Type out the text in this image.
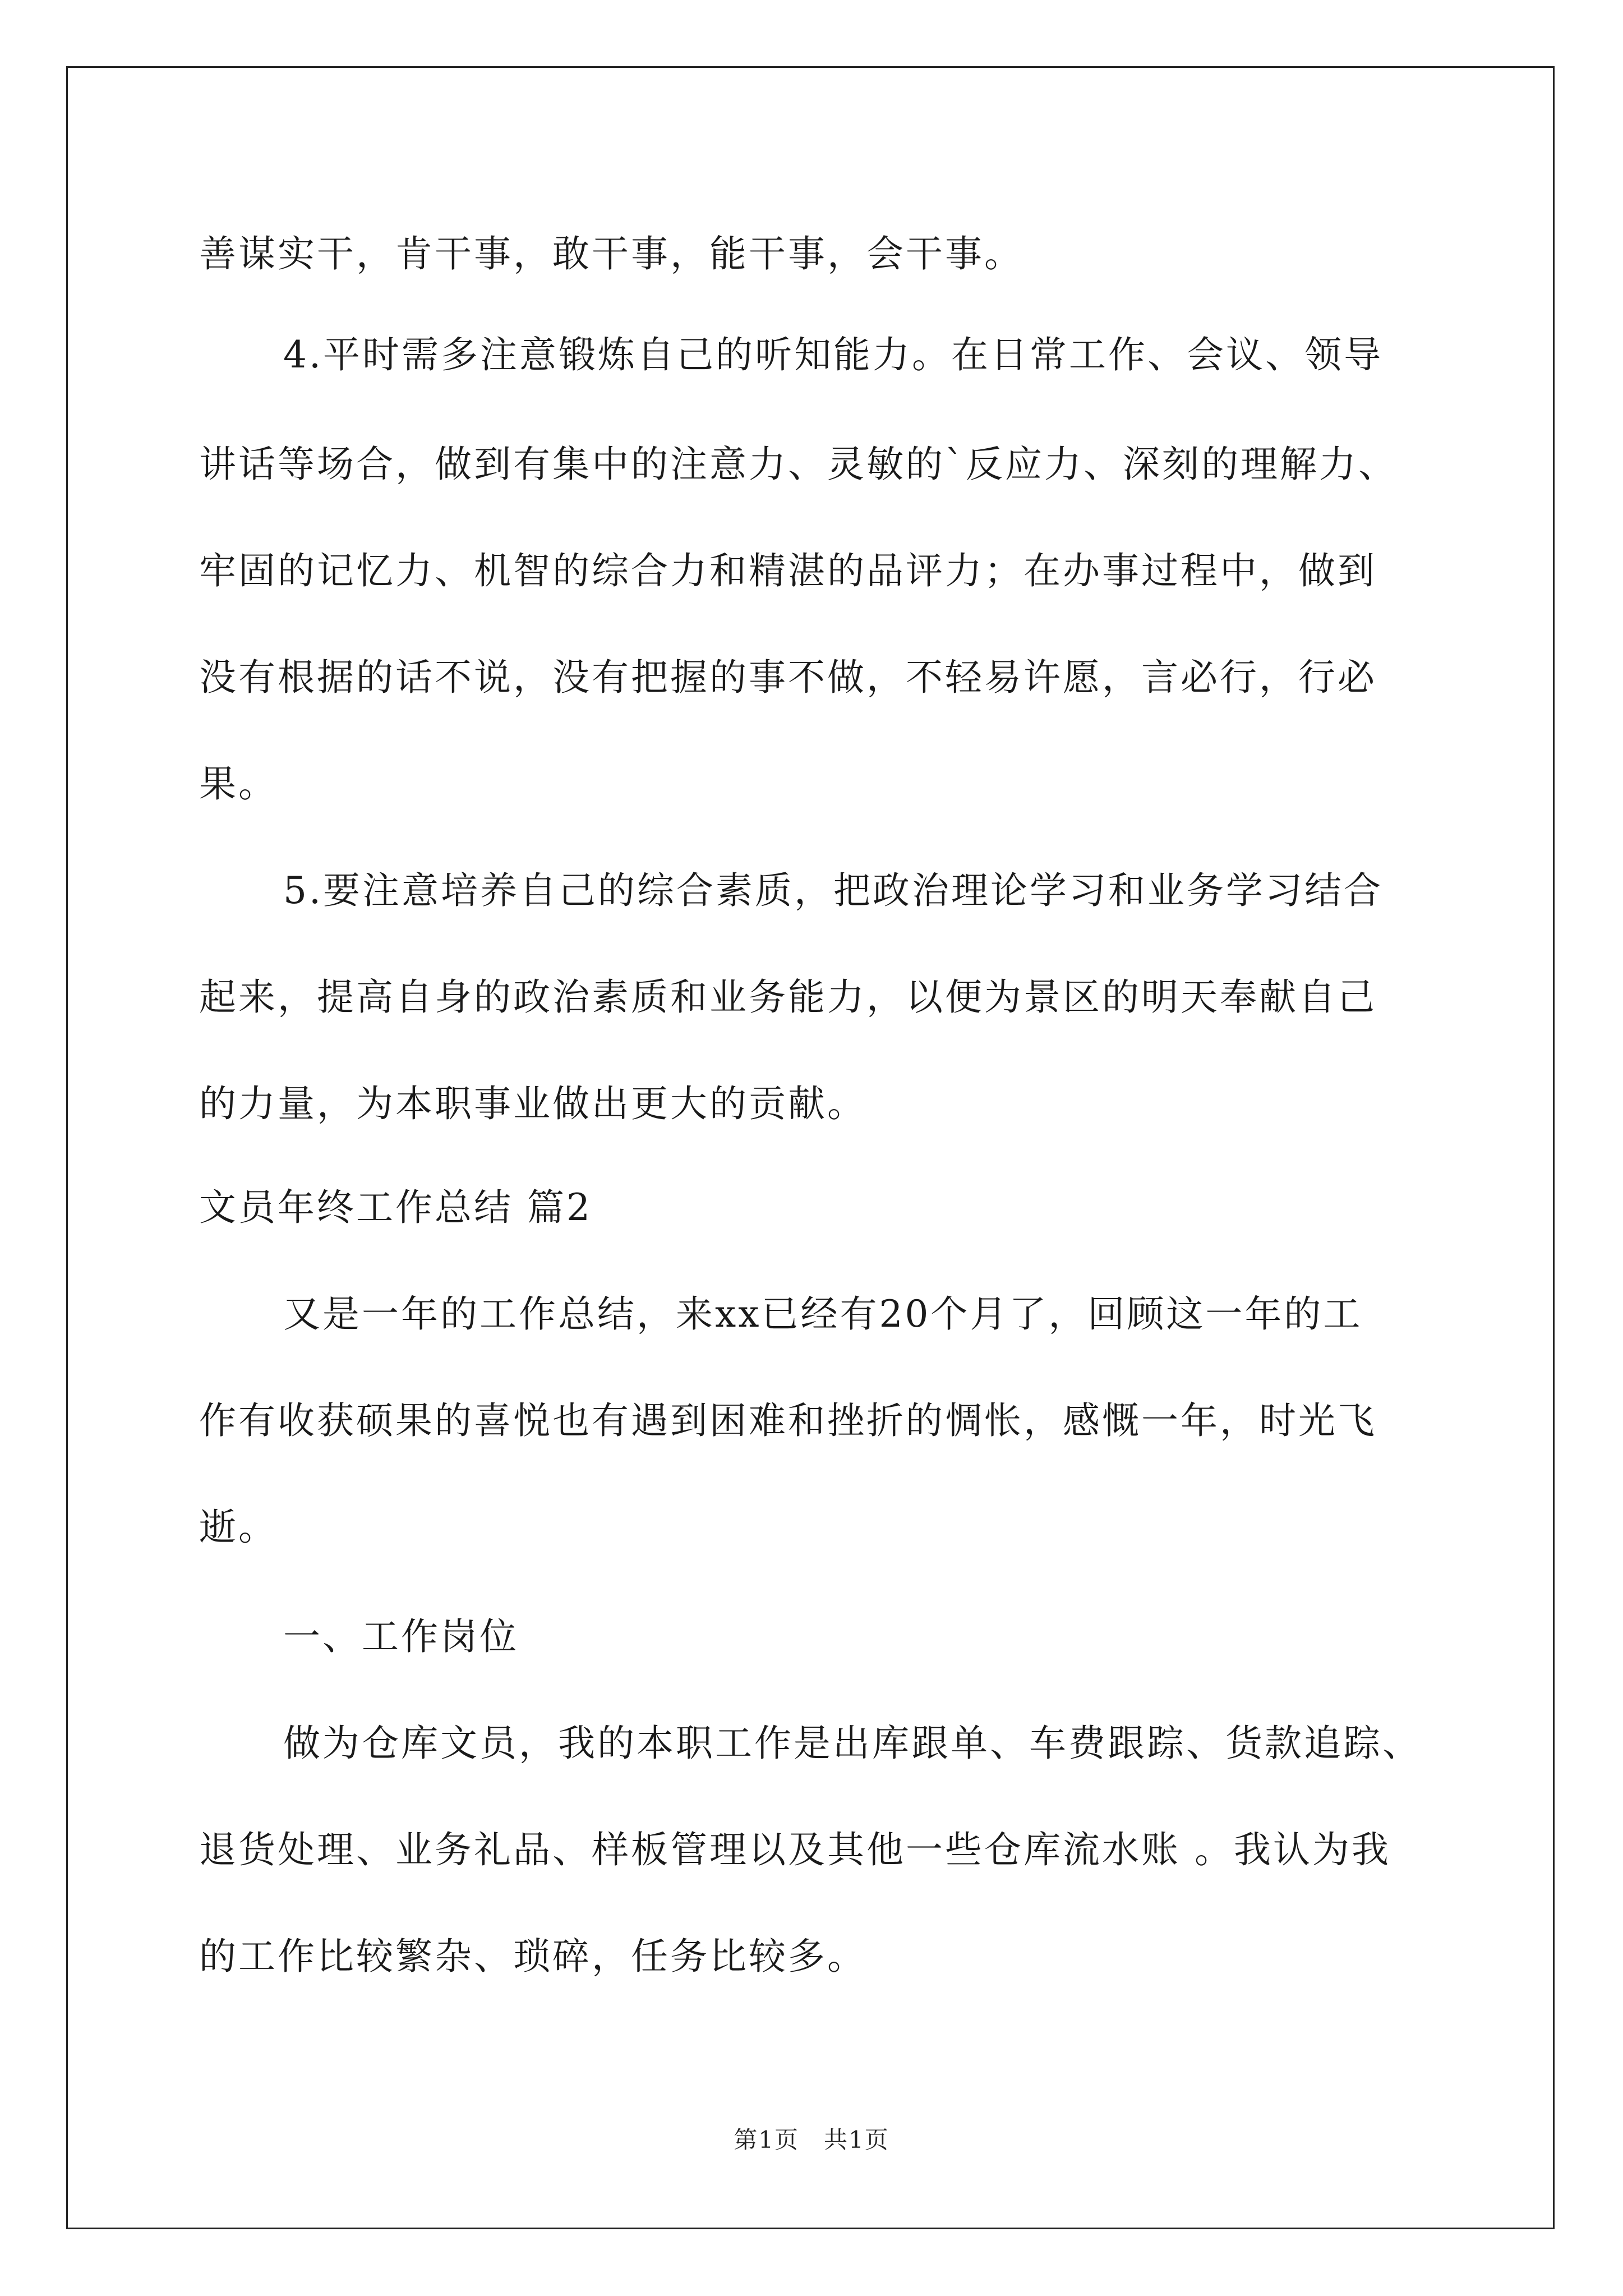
善谋实干，肯干事，敢干事，能干事，会干事。

4.平时需多注意锻炼自己的听知能力。在日常工作、会议、领导

讲话等场合，做到有集中的注意力、灵敏的`反应力、深刻的理解力、

牢固的记忆力、机智的综合力和精湛的品评力；在办事过程中，做到

没有根据的话不说，没有把握的事不做，不轻易许愿，言必行，行必

果。

5.要注意培养自己的综合素质，把政治理论学习和业务学习结合

起来，提高自身的政治素质和业务能力，以便为景区的明天奉献自己

的力量，为本职事业做出更大的贡献。

文员年终工作总结 篇2

又是一年的工作总结，来xx已经有20个月了，回顾这一年的工

作有收获硕果的喜悦也有遇到困难和挫折的惆怅，感慨一年，时光飞

逝。

一、工作岗位

做为仓库文员，我的本职工作是出库跟单、车费跟踪、货款追踪、

退货处理、业务礼品、样板管理以及其他一些仓库流水账 。我认为我

的工作比较繁杂、琐碎，任务比较多。

第1页　共1页
